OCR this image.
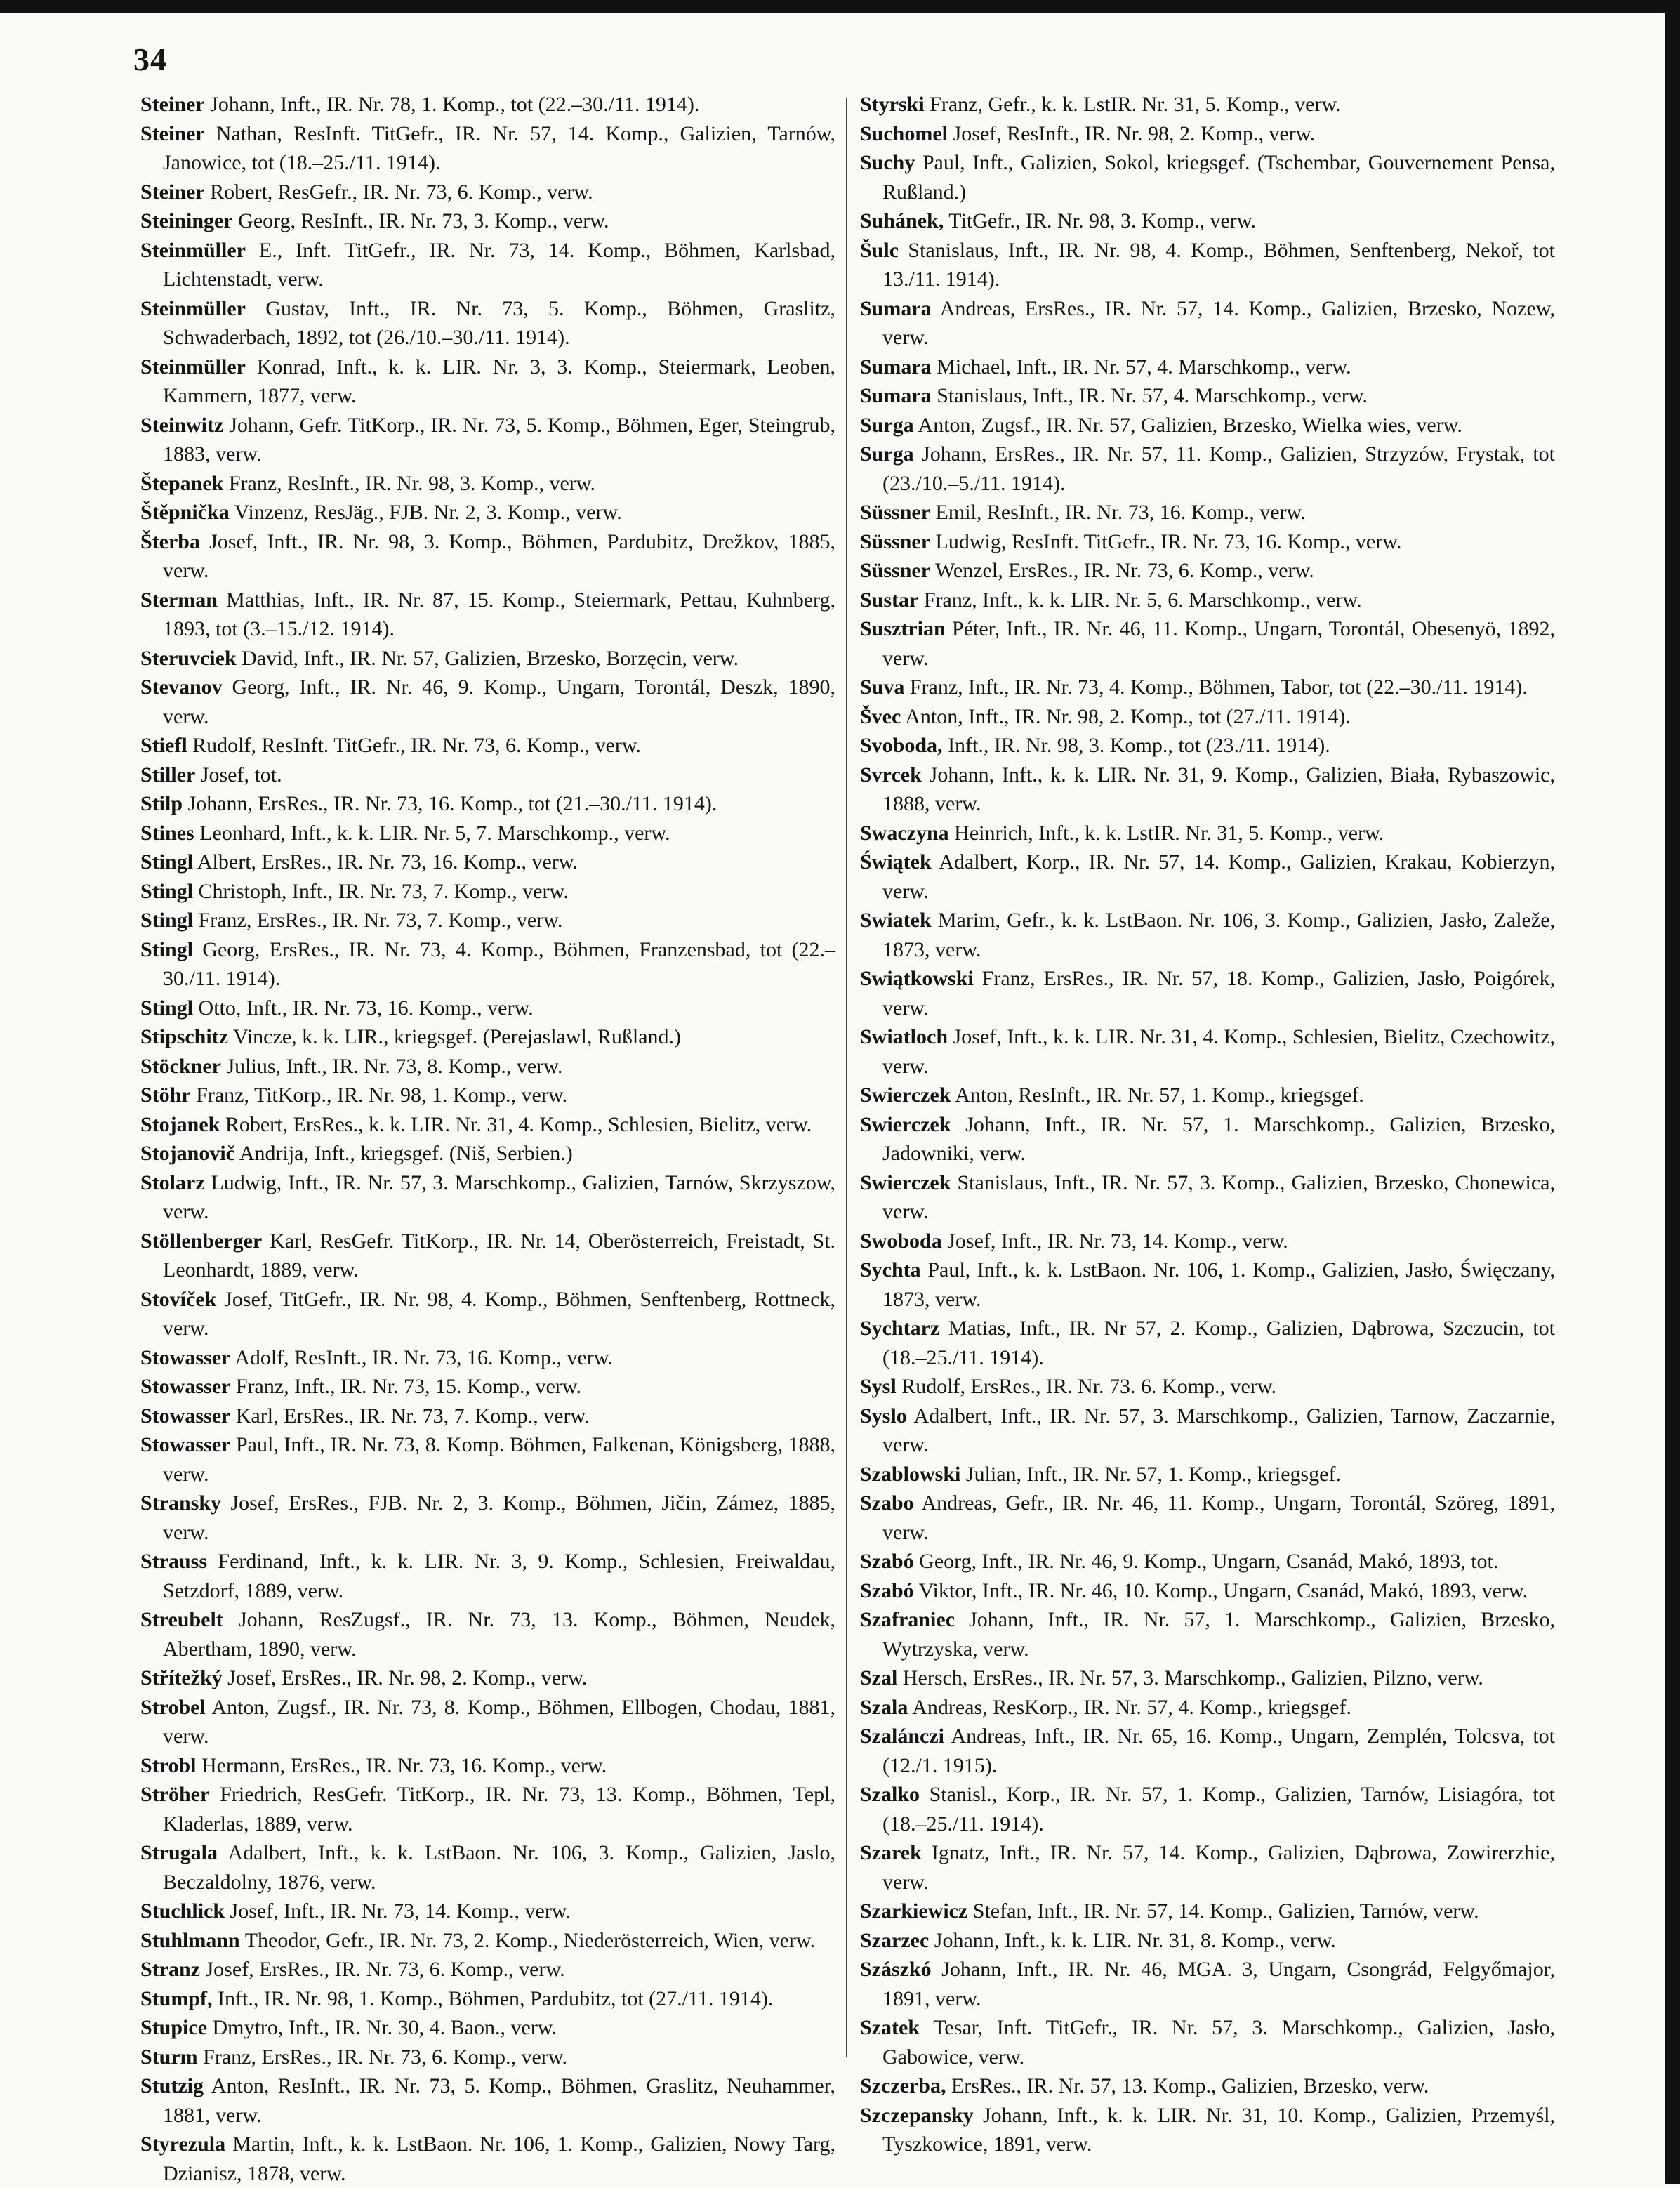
34

Steiner Johann, Inft., IR. Nr. 78, 1. Komp., tot (22.–30./11. 1914).

Steiner Nathan, ResInft. TitGefr., IR. Nr. 57, 14. Komp., Galizien, Tarnów, Janowice, tot (18.–25./11. 1914).

Steiner Robert, ResGefr., IR. Nr. 73, 6. Komp., verw.

Steininger Georg, ResInft., IR. Nr. 73, 3. Komp., verw.

Steinmüller E., Inft. TitGefr., IR. Nr. 73, 14. Komp., Böhmen, Karlsbad, Lichtenstadt, verw.

Steinmüller Gustav, Inft., IR. Nr. 73, 5. Komp., Böhmen, Graslitz, Schwaderbach, 1892, tot (26./10.–30./11. 1914).

Steinmüller Konrad, Inft., k. k. LIR. Nr. 3, 3. Komp., Steiermark, Leoben, Kammern, 1877, verw.

Steinwitz Johann, Gefr. TitKorp., IR. Nr. 73, 5. Komp., Böhmen, Eger, Steingrub, 1883, verw.

Štepanek Franz, ResInft., IR. Nr. 98, 3. Komp., verw.

Štěpnička Vinzenz, ResJäg., FJB. Nr. 2, 3. Komp., verw.

Šterba Josef, Inft., IR. Nr. 98, 3. Komp., Böhmen, Pardubitz, Drežkov, 1885, verw.

Sterman Matthias, Inft., IR. Nr. 87, 15. Komp., Steiermark, Pettau, Kuhnberg, 1893, tot (3.–15./12. 1914).

Steruvciek David, Inft., IR. Nr. 57, Galizien, Brzesko, Borzęcin, verw.

Stevanov Georg, Inft., IR. Nr. 46, 9. Komp., Ungarn, Torontál, Deszk, 1890, verw.

Stiefl Rudolf, ResInft. TitGefr., IR. Nr. 73, 6. Komp., verw.

Stiller Josef, tot.

Stilp Johann, ErsRes., IR. Nr. 73, 16. Komp., tot (21.–30./11. 1914).

Stines Leonhard, Inft., k. k. LIR. Nr. 5, 7. Marschkomp., verw.

Stingl Albert, ErsRes., IR. Nr. 73, 16. Komp., verw.

Stingl Christoph, Inft., IR. Nr. 73, 7. Komp., verw.

Stingl Franz, ErsRes., IR. Nr. 73, 7. Komp., verw.

Stingl Georg, ErsRes., IR. Nr. 73, 4. Komp., Böhmen, Franzensbad, tot (22.–30./11. 1914).

Stingl Otto, Inft., IR. Nr. 73, 16. Komp., verw.

Stipschitz Vincze, k. k. LIR., kriegsgef. (Perejaslawl, Rußland.)

Stöckner Julius, Inft., IR. Nr. 73, 8. Komp., verw.

Stöhr Franz, TitKorp., IR. Nr. 98, 1. Komp., verw.

Stojanek Robert, ErsRes., k. k. LIR. Nr. 31, 4. Komp., Schlesien, Bielitz, verw.

Stojanovič Andrija, Inft., kriegsgef. (Niš, Serbien.)

Stolarz Ludwig, Inft., IR. Nr. 57, 3. Marschkomp., Galizien, Tarnów, Skrzyszow, verw.

Stöllenberger Karl, ResGefr. TitKorp., IR. Nr. 14, Oberösterreich, Freistadt, St. Leonhardt, 1889, verw.

Stovíček Josef, TitGefr., IR. Nr. 98, 4. Komp., Böhmen, Senftenberg, Rottneck, verw.

Stowasser Adolf, ResInft., IR. Nr. 73, 16. Komp., verw.

Stowasser Franz, Inft., IR. Nr. 73, 15. Komp., verw.

Stowasser Karl, ErsRes., IR. Nr. 73, 7. Komp., verw.

Stowasser Paul, Inft., IR. Nr. 73, 8. Komp. Böhmen, Falkenan, Königsberg, 1888, verw.

Stransky Josef, ErsRes., FJB. Nr. 2, 3. Komp., Böhmen, Jičin, Zámez, 1885, verw.

Strauss Ferdinand, Inft., k. k. LIR. Nr. 3, 9. Komp., Schlesien, Freiwaldau, Setzdorf, 1889, verw.

Streubelt Johann, ResZugsf., IR. Nr. 73, 13. Komp., Böhmen, Neudek, Abertham, 1890, verw.

Střítežký Josef, ErsRes., IR. Nr. 98, 2. Komp., verw.

Strobel Anton, Zugsf., IR. Nr. 73, 8. Komp., Böhmen, Ellbogen, Chodau, 1881, verw.

Strobl Hermann, ErsRes., IR. Nr. 73, 16. Komp., verw.

Ströher Friedrich, ResGefr. TitKorp., IR. Nr. 73, 13. Komp., Böhmen, Tepl, Kladerlas, 1889, verw.

Strugala Adalbert, Inft., k. k. LstBaon. Nr. 106, 3. Komp., Galizien, Jaslo, Beczaldolny, 1876, verw.

Stuchlick Josef, Inft., IR. Nr. 73, 14. Komp., verw.

Stuhlmann Theodor, Gefr., IR. Nr. 73, 2. Komp., Niederösterreich, Wien, verw.

Stranz Josef, ErsRes., IR. Nr. 73, 6. Komp., verw.

Stumpf, Inft., IR. Nr. 98, 1. Komp., Böhmen, Pardubitz, tot (27./11. 1914).

Stupice Dmytro, Inft., IR. Nr. 30, 4. Baon., verw.

Sturm Franz, ErsRes., IR. Nr. 73, 6. Komp., verw.

Stutzig Anton, ResInft., IR. Nr. 73, 5. Komp., Böhmen, Graslitz, Neuhammer, 1881, verw.

Styrezula Martin, Inft., k. k. LstBaon. Nr. 106, 1. Komp., Galizien, Nowy Targ, Dzianisz, 1878, verw.

Styrski Franz, Gefr., k. k. LstIR. Nr. 31, 5. Komp., verw.

Suchomel Josef, ResInft., IR. Nr. 98, 2. Komp., verw.

Suchy Paul, Inft., Galizien, Sokol, kriegsgef. (Tschembar, Gouvernement Pensa, Rußland.)

Suhánek, TitGefr., IR. Nr. 98, 3. Komp., verw.

Šulc Stanislaus, Inft., IR. Nr. 98, 4. Komp., Böhmen, Senftenberg, Nekoř, tot 13./11. 1914).

Sumara Andreas, ErsRes., IR. Nr. 57, 14. Komp., Galizien, Brzesko, Nozew, verw.

Sumara Michael, Inft., IR. Nr. 57, 4. Marschkomp., verw.

Sumara Stanislaus, Inft., IR. Nr. 57, 4. Marschkomp., verw.

Surga Anton, Zugsf., IR. Nr. 57, Galizien, Brzesko, Wielka wies, verw.

Surga Johann, ErsRes., IR. Nr. 57, 11. Komp., Galizien, Strzyzów, Frystak, tot (23./10.–5./11. 1914).

Süssner Emil, ResInft., IR. Nr. 73, 16. Komp., verw.

Süssner Ludwig, ResInft. TitGefr., IR. Nr. 73, 16. Komp., verw.

Süssner Wenzel, ErsRes., IR. Nr. 73, 6. Komp., verw.

Sustar Franz, Inft., k. k. LIR. Nr. 5, 6. Marschkomp., verw.

Susztrian Péter, Inft., IR. Nr. 46, 11. Komp., Ungarn, Torontál, Obesenyö, 1892, verw.

Suva Franz, Inft., IR. Nr. 73, 4. Komp., Böhmen, Tabor, tot (22.–30./11. 1914).

Švec Anton, Inft., IR. Nr. 98, 2. Komp., tot (27./11. 1914).

Svoboda, Inft., IR. Nr. 98, 3. Komp., tot (23./11. 1914).

Svrcek Johann, Inft., k. k. LIR. Nr. 31, 9. Komp., Galizien, Biała, Rybaszowic, 1888, verw.

Swaczyna Heinrich, Inft., k. k. LstIR. Nr. 31, 5. Komp., verw.

Świątek Adalbert, Korp., IR. Nr. 57, 14. Komp., Galizien, Krakau, Kobierzyn, verw.

Swiatek Marim, Gefr., k. k. LstBaon. Nr. 106, 3. Komp., Galizien, Jasło, Zaleže, 1873, verw.

Swiątkowski Franz, ErsRes., IR. Nr. 57, 18. Komp., Galizien, Jasło, Poigórek, verw.

Swiatloch Josef, Inft., k. k. LIR. Nr. 31, 4. Komp., Schlesien, Bielitz, Czechowitz, verw.

Swierczek Anton, ResInft., IR. Nr. 57, 1. Komp., kriegsgef.

Swierczek Johann, Inft., IR. Nr. 57, 1. Marschkomp., Galizien, Brzesko, Jadowniki, verw.

Swierczek Stanislaus, Inft., IR. Nr. 57, 3. Komp., Galizien, Brzesko, Chonewica, verw.

Swoboda Josef, Inft., IR. Nr. 73, 14. Komp., verw.

Sychta Paul, Inft., k. k. LstBaon. Nr. 106, 1. Komp., Galizien, Jasło, Święczany, 1873, verw.

Sychtarz Matias, Inft., IR. Nr 57, 2. Komp., Galizien, Dąbrowa, Szczucin, tot (18.–25./11. 1914).

Sysl Rudolf, ErsRes., IR. Nr. 73. 6. Komp., verw.

Syslo Adalbert, Inft., IR. Nr. 57, 3. Marschkomp., Galizien, Tarnow, Zaczarnie, verw.

Szablowski Julian, Inft., IR. Nr. 57, 1. Komp., kriegsgef.

Szabo Andreas, Gefr., IR. Nr. 46, 11. Komp., Ungarn, Torontál, Szöreg, 1891, verw.

Szabó Georg, Inft., IR. Nr. 46, 9. Komp., Ungarn, Csanád, Makó, 1893, tot.

Szabó Viktor, Inft., IR. Nr. 46, 10. Komp., Ungarn, Csanád, Makó, 1893, verw.

Szafraniec Johann, Inft., IR. Nr. 57, 1. Marschkomp., Galizien, Brzesko, Wytrzyska, verw.

Szal Hersch, ErsRes., IR. Nr. 57, 3. Marschkomp., Galizien, Pilzno, verw.

Szala Andreas, ResKorp., IR. Nr. 57, 4. Komp., kriegsgef.

Szalánczi Andreas, Inft., IR. Nr. 65, 16. Komp., Ungarn, Zemplén, Tolcsva, tot (12./1. 1915).

Szalko Stanisl., Korp., IR. Nr. 57, 1. Komp., Galizien, Tarnów, Lisiagóra, tot (18.–25./11. 1914).

Szarek Ignatz, Inft., IR. Nr. 57, 14. Komp., Galizien, Dąbrowa, Zowirerzhie, verw.

Szarkiewicz Stefan, Inft., IR. Nr. 57, 14. Komp., Galizien, Tarnów, verw.

Szarzec Johann, Inft., k. k. LIR. Nr. 31, 8. Komp., verw.

Szászkó Johann, Inft., IR. Nr. 46, MGA. 3, Ungarn, Csongrád, Felgyőmajor, 1891, verw.

Szatek Tesar, Inft. TitGefr., IR. Nr. 57, 3. Marschkomp., Galizien, Jasło, Gabowice, verw.

Szczerba, ErsRes., IR. Nr. 57, 13. Komp., Galizien, Brzesko, verw.

Szczepansky Johann, Inft., k. k. LIR. Nr. 31, 10. Komp., Galizien, Przemyśl, Tyszkowice, 1891, verw.
